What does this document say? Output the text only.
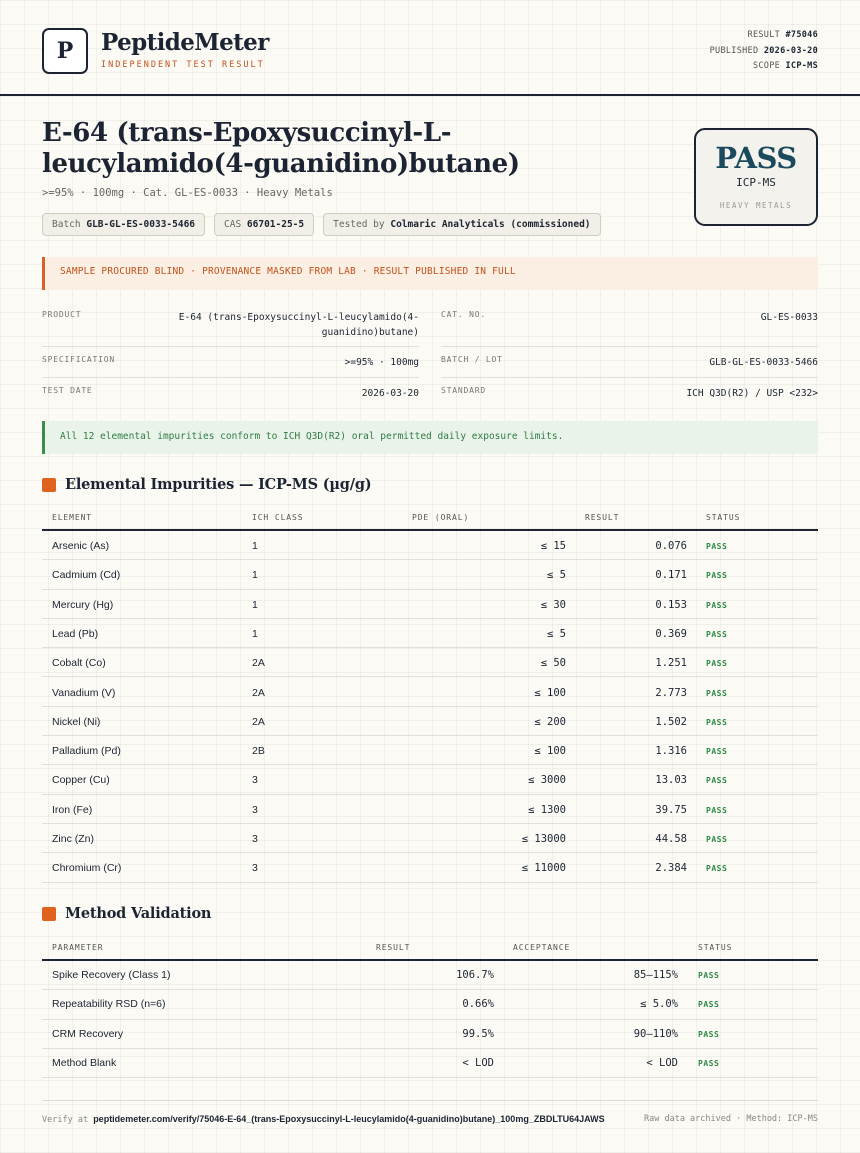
P	PeptideMeter
INDEPENDENT TEST RESULT
RESULT #75046
PUBLISHED 2026-03-20
SCOPE ICP-MS
E-64 (trans-Epoxysuccinyl-L-leucylamido(4-guanidino)butane)
>=95% · 100mg · Cat. GL-ES-0033 · Heavy Metals
Batch GLB-GL-ES-0033-5466	CAS 66701-25-5	Tested by Colmaric Analyticals (commissioned)
PASS
ICP-MS
HEAVY METALS
SAMPLE PROCURED BLIND · PROVENANCE MASKED FROM LAB · RESULT PUBLISHED IN FULL
PRODUCT	E-64 (trans-Epoxysuccinyl-L-leucylamido(4-guanidino)butane)
CAT. NO.	GL-ES-0033
SPECIFICATION	>=95% · 100mg	BATCH / LOT	GLB-GL-ES-0033-5466
TEST DATE	2026-03-20	STANDARD	ICH Q3D(R2) / USP <232>
All 12 elemental impurities conform to ICH Q3D(R2) oral permitted daily exposure limits.
Elemental Impurities — ICP-MS (µg/g)
ELEMENT	ICH CLASS	PDE (ORAL)	RESULT	STATUS
Arsenic (As)	1	≤ 15	0.076 PASS
Cadmium (Cd)	1	≤ 5	0.171 PASS
Mercury (Hg)	1	≤ 30	0.153 PASS
Lead (Pb)	1	≤ 5	0.369 PASS
Cobalt (Co)	2A	≤ 50	1.251 PASS
Vanadium (V)	2A	≤ 100	2.773 PASS
Nickel (Ni)	2A	≤ 200	1.502 PASS
Palladium (Pd)	2B	≤ 100	1.316 PASS
Copper (Cu)	3	≤ 3000	13.03 PASS
Iron (Fe)	3	≤ 1300	39.75 PASS
Zinc (Zn)	3	≤ 13000	44.58 PASS
Chromium (Cr)	3	≤ 11000	2.384 PASS
Method Validation
PARAMETER	RESULT	ACCEPTANCE	STATUS
Spike Recovery (Class 1)	106.7%	85–115%	PASS
Repeatability RSD (n=6)	0.66%	≤ 5.0%	PASS
CRM Recovery	99.5%	90–110%	PASS
Method Blank	< LOD	< LOD	PASS
Verify at peptidemeter.com/verify/75046-E-64_(trans-Epoxysuccinyl-L-leucylamido(4-guanidino)butane)_100mg_ZBDLTU64JAWS	Raw data archived · Method: ICP-MS
